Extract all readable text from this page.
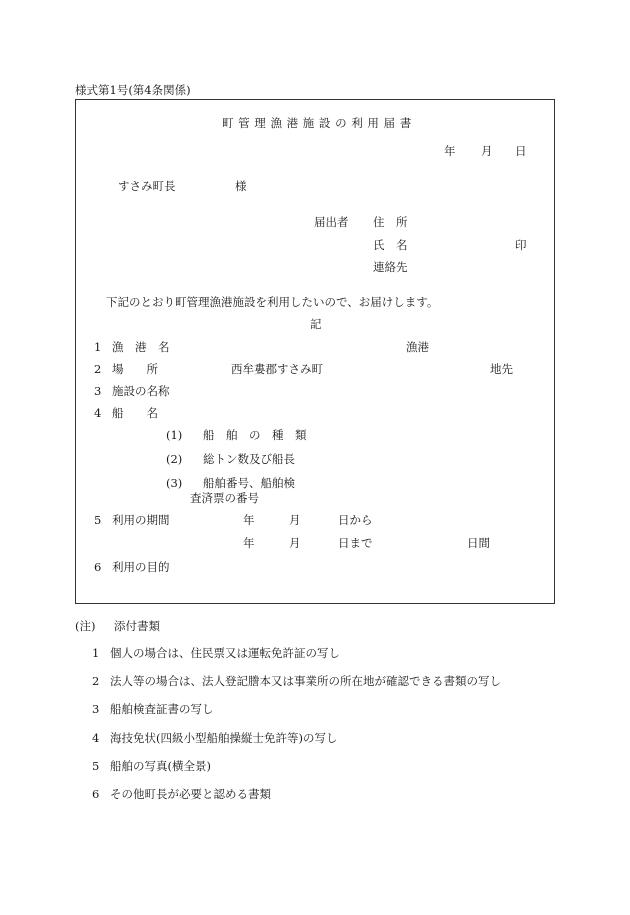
様式第1号(第4条関係)
町 管 理 漁 港 施 設 の 利 用 届 書
年 月 日
すさみ町長	様
届出者 住　所
氏　名	印
連絡先
下記のとおり町管理漁港施設を利用したいので、お届けします。
記
1 漁　港　名	漁港
2 場　　所	西牟婁郡すさみ町	地先
3 施設の名称
4 船　　名
(1) 船　舶　の　種　類
(2) 総トン数及び船長
(3) 船舶番号、船舶検
査済票の番号
5 利用の期間	年	月	日から
年	月	日まで	日間
6 利用の目的
(注) 添付書類
1 個人の場合は、住民票又は運転免許証の写し
2 法人等の場合は、法人登記謄本又は事業所の所在地が確認できる書類の写し
3 船舶検査証書の写し
4 海技免状(四級小型船舶操縦士免許等)の写し
5 船舶の写真(横全景)
6 その他町長が必要と認める書類
